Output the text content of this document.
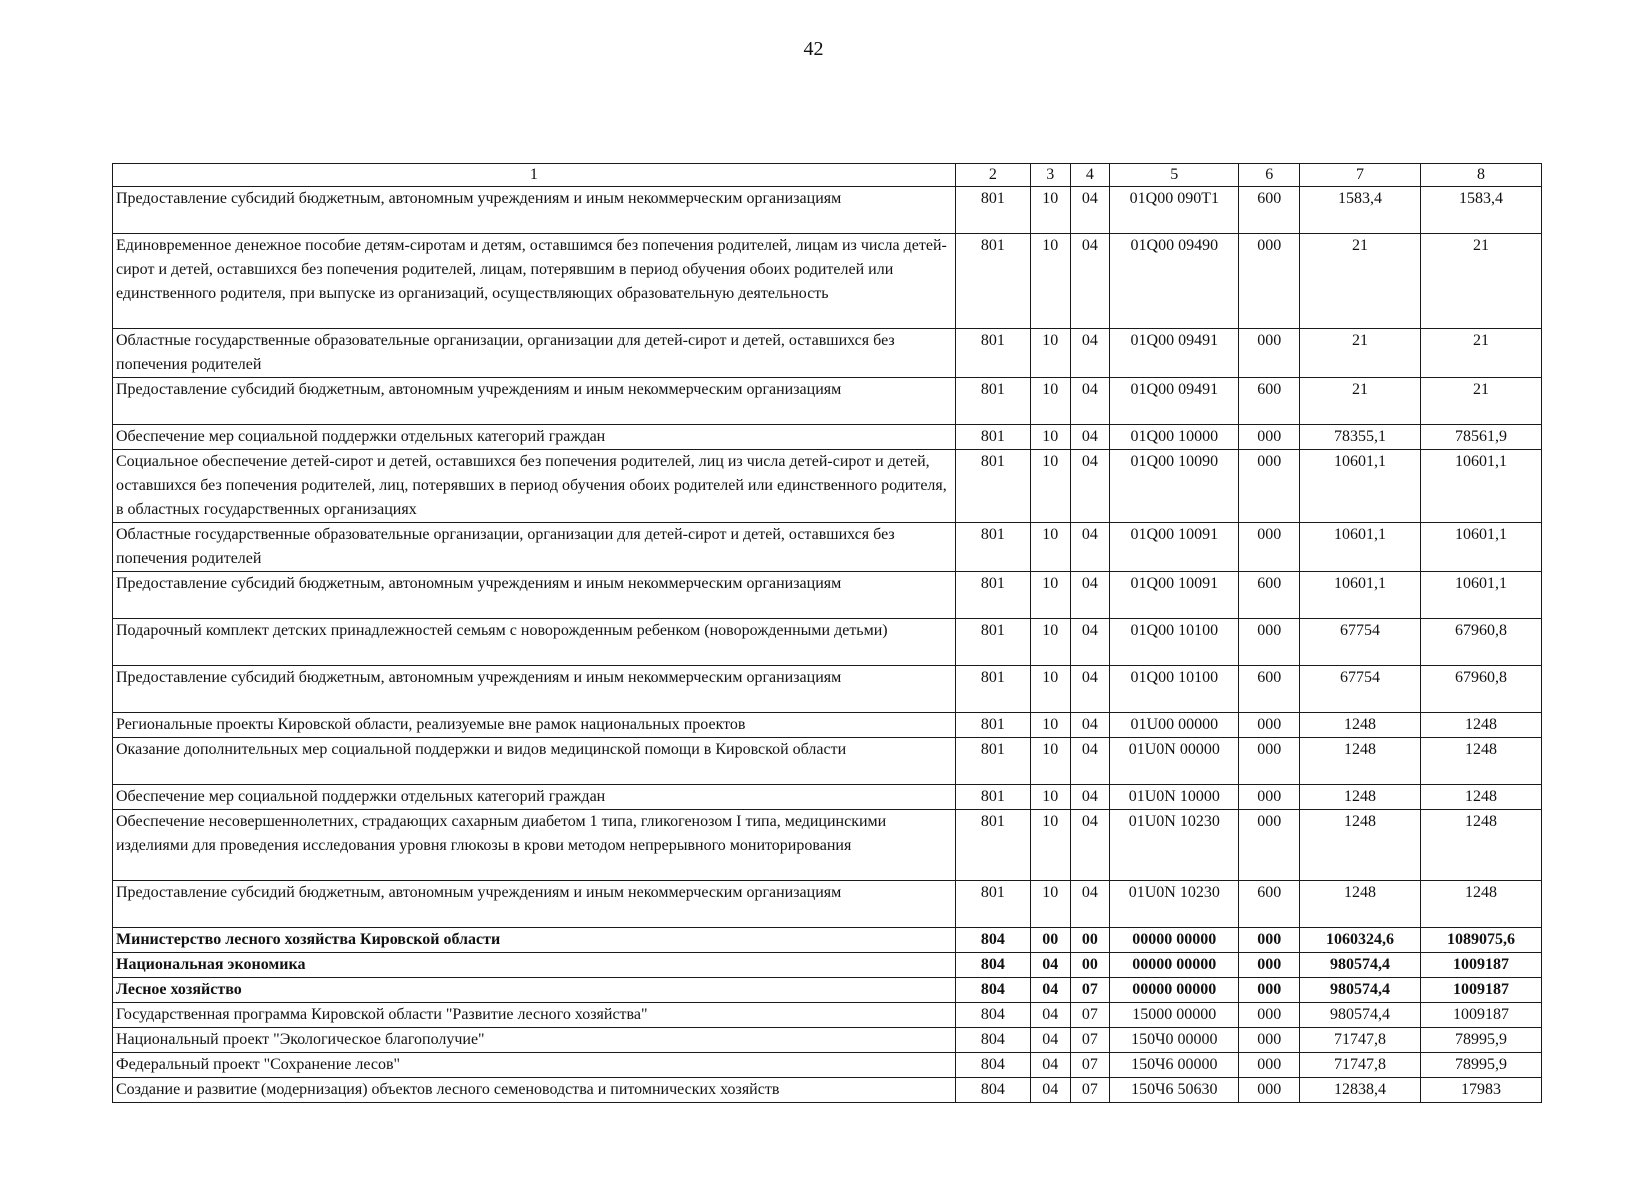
42
1	2	3	4	5	6	7	8
Предоставление субсидий бюджетным, автономным учреждениям и иным некоммерческим организациям	801	10	04	01Q00 090T1	600	1583,4	1583,4
Единовременное денежное пособие детям-сиротам и детям, оставшимся без попечения родителей, лицам из числа детей-сирот и детей, оставшихся без попечения родителей, лицам, потерявшим в период обучения обоих родителей или единственного родителя, при выпуске из организаций, осуществляющих образовательную деятельность	801	10	04	01Q00 09490	000	21	21
Областные государственные образовательные организации, организации для детей-сирот и детей, оставшихся без попечения родителей	801	10	04	01Q00 09491	000	21	21
Предоставление субсидий бюджетным, автономным учреждениям и иным некоммерческим организациям	801	10	04	01Q00 09491	600	21	21
Обеспечение мер социальной поддержки отдельных категорий граждан	801	10	04	01Q00 10000	000	78355,1	78561,9
Социальное обеспечение детей-сирот и детей, оставшихся без попечения родителей, лиц из числа детей-сирот и детей, оставшихся без попечения родителей, лиц, потерявших в период обучения обоих родителей или единственного родителя, в областных государственных организациях	801	10	04	01Q00 10090	000	10601,1	10601,1
Областные государственные образовательные организации, организации для детей-сирот и детей, оставшихся без попечения родителей	801	10	04	01Q00 10091	000	10601,1	10601,1
Предоставление субсидий бюджетным, автономным учреждениям и иным некоммерческим организациям	801	10	04	01Q00 10091	600	10601,1	10601,1
Подарочный комплект детских принадлежностей семьям с новорожденным ребенком (новорожденными детьми)	801	10	04	01Q00 10100	000	67754	67960,8
Предоставление субсидий бюджетным, автономным учреждениям и иным некоммерческим организациям	801	10	04	01Q00 10100	600	67754	67960,8
Региональные проекты Кировской области, реализуемые вне рамок национальных проектов	801	10	04	01U00 00000	000	1248	1248
Оказание дополнительных мер социальной поддержки и видов медицинской помощи в Кировской области	801	10	04	01U0N 00000	000	1248	1248
Обеспечение мер социальной поддержки отдельных категорий граждан	801	10	04	01U0N 10000	000	1248	1248
Обеспечение несовершеннолетних, страдающих сахарным диабетом 1 типа, гликогенозом I типа, медицинскими изделиями для проведения исследования уровня глюкозы в крови методом непрерывного мониторирования	801	10	04	01U0N 10230	000	1248	1248
Предоставление субсидий бюджетным, автономным учреждениям и иным некоммерческим организациям	801	10	04	01U0N 10230	600	1248	1248
Министерство лесного хозяйства Кировской области	804	00	00	00000 00000	000	1060324,6	1089075,6
Национальная экономика	804	04	00	00000 00000	000	980574,4	1009187
Лесное хозяйство	804	04	07	00000 00000	000	980574,4	1009187
Государственная программа Кировской области "Развитие лесного хозяйства"	804	04	07	15000 00000	000	980574,4	1009187
Национальный проект "Экологическое благополучие"	804	04	07	150Ч0 00000	000	71747,8	78995,9
Федеральный проект "Сохранение лесов"	804	04	07	150Ч6 00000	000	71747,8	78995,9
Создание и развитие (модернизация) объектов лесного семеноводства и питомнических хозяйств	804	04	07	150Ч6 50630	000	12838,4	17983
